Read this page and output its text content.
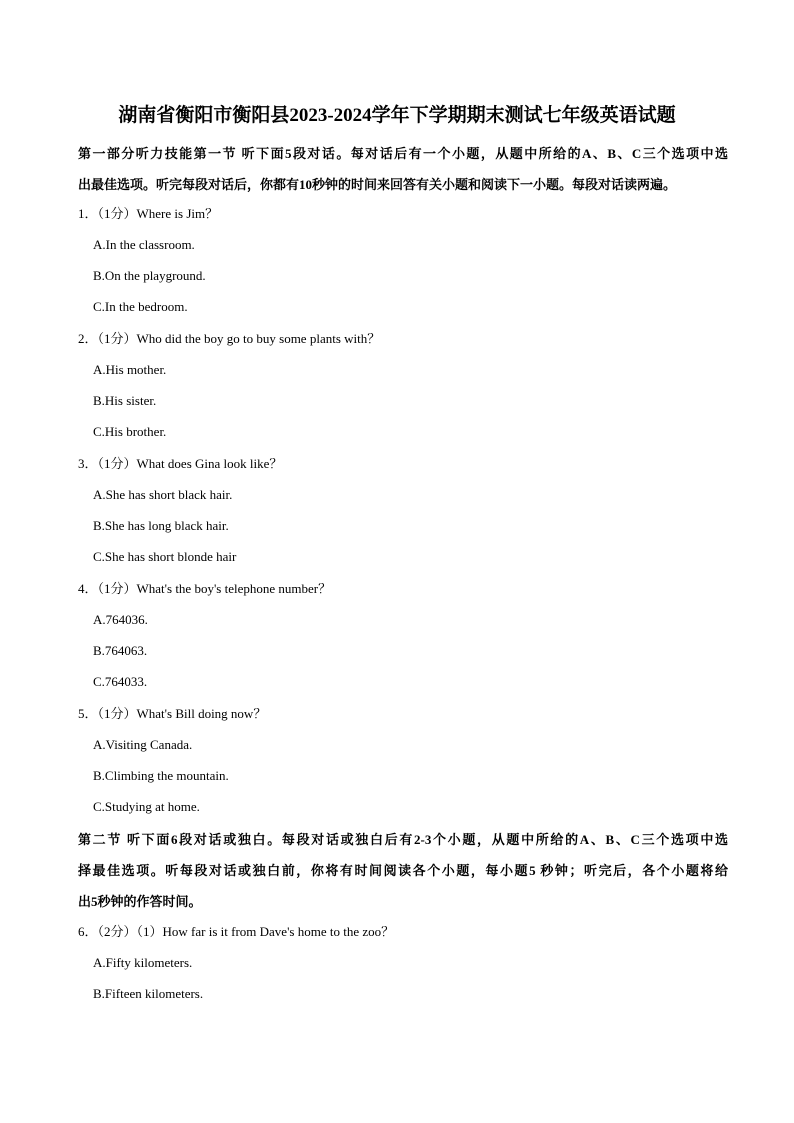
湖南省衡阳市衡阳县2023-2024学年下学期期末测试七年级英语试题
第一部分听力技能第一节 听下面5段对话。每对话后有一个小题，从题中所给的A、B、C三个选项中选
出最佳选项。听完每段对话后，你都有10秒钟的时间来回答有关小题和阅读下一小题。每段对话读两遍。
1．（1分）Where is Jim？
A.In the classroom.
B.On the playground.
C.In the bedroom.
2．（1分）Who did the boy go to buy some plants with？
A.His mother.
B.His sister.
C.His brother.
3．（1分）What does Gina look like？
A.She has short black hair.
B.She has long black hair.
C.She has short blonde hair
4．（1分）What's the boy's telephone number？
A.764036.
B.764063.
C.764033.
5．（1分）What's Bill doing now？
A.Visiting Canada.
B.Climbing the mountain.
C.Studying at home.
第二节 听下面6段对话或独白。每段对话或独白后有2-3个小题，从题中所给的A、B、C三个选项中选
择最佳选项。听每段对话或独白前，你将有时间阅读各个小题，每小题5 秒钟；听完后，各个小题将给
出5秒钟的作答时间。
6．（2分）（1）How far is it from Dave's home to the zoo？
A.Fifty kilometers.
B.Fifteen kilometers.
